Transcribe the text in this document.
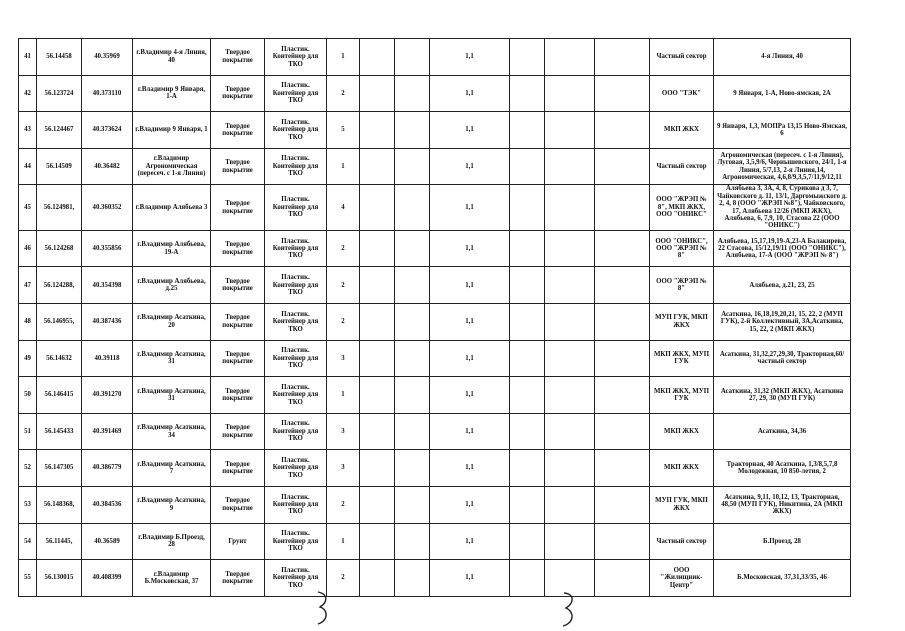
41	56.14458	40.35969	г.Владимир 4-я Линия, 40	Твердое покрытие	Пластик. Контейнер для ТКО	1			1,1				Частный сектор	4-я Линия, 40
42	56.123724	40.373110	г.Владимир 9 Января, 1-А	Твердое покрытие	Пластик. Контейнер для ТКО	2			1,1				ООО "ТЭК"	9 Января, 1-А, Ново-ямская, 2А
43	56.124467	40.373624	г.Владимир 9 Января, 1	Твердое покрытие	Пластик. Контейнер для ТКО	5			1,1				МКП ЖКХ	9 Января, 1,3, МОПРа 13,15 Ново-Ямская, 6
44	56.14509	40.36482	г.Владимир Агрономическая (пересеч. с 1-я Линия)	Твердое покрытие	Пластик. Контейнер для ТКО	1			1,1				Частный сектор	Агрономическая (пересеч. с 1-я Линия), Луговая, 3,5,9/6, Чернышевского, 24/1, 1-я Линия, 5/7,13, 2-я Линия,14, Агрономическая, 4,6,8/9,3,5,7/11,9/12,11
45	56.124981,	40.360352	г.Владимир Алябьева 3	Твердое покрытие	Пластик. Контейнер для ТКО	4			1,1				ООО "ЖРЭП № 8", МКП ЖКХ, ООО "ОНИКС"	Алябьева 3, 3А, 4, 8, Сурикова д 3, 7, Чайковского д. 11, 13/1, Даргомыжского д. 2, 4, 8 (ООО "ЖРЭП №8"), Чайковского, 17, Алябьева 12/26 (МКП ЖКХ), Алябьева, 6, 7,9, 10, Стасова 22 (ООО "ОНИКС")
46	56.124268	40.355856	г.Владимир Алябьева, 19-А	Твердое покрытие	Пластик. Контейнер для ТКО	2			1,1				ООО "ОНИКС", ООО "ЖРЭП № 8"	Алябьева, 15,17,19,19-А,23-А Балакирева, 22 Стасова, 15/12,19/11 (ООО "ОНИКС"), Алябьева, 17-А (ООО "ЖРЭП № 8")
47	56.124288,	40.354398	г.Владимир Алябьева, д.25	Твердое покрытие	Пластик. Контейнер для ТКО	2			1,1				ООО "ЖРЭП № 8"	Алябьева, д.21, 23, 25
48	56.146955,	40.387436	г.Владимир Асаткина, 20	Твердое покрытие	Пластик. Контейнер для ТКО	2			1,1				МУП ГУК, МКП ЖКХ	Асаткина, 16,18,19,20,21, 15, 22, 2 (МУП ГУК), 2-й Коллективный, 3А,Асаткина, 15, 22, 2 (МКП ЖКХ)
49	56.14632	40.39118	г.Владимир Асаткина, 31	Твердое покрытие	Пластик. Контейнер для ТКО	3			1,1				МКП ЖКХ, МУП ГУК	Асаткина, 31,32,27,29,30, Тракторная,60/ частный сектор
50	56.146415	40.391270	г.Владимир Асаткина, 31	Твердое покрытие	Пластик. Контейнер для ТКО	1			1,1				МКП ЖКХ, МУП ГУК	Асаткина, 31,32 (МКП ЖКХ), Асаткина 27, 29, 30 (МУП ГУК)
51	56.145433	40.391469	г.Владимир Асаткина, 34	Твердое покрытие	Пластик. Контейнер для ТКО	3			1,1				МКП ЖКХ	Асаткина, 34,36
52	56.147305	40.386779	г.Владимир Асаткина, 7	Твердое покрытие	Пластик. Контейнер для ТКО	3			1,1				МКП ЖКХ	Тракторная, 40 Асаткина, 1,3/8,5,7,8 Молодежная, 10 850-летия, 2
53	56.148368,	40.384536	г.Владимир Асаткина, 9	Твердое покрытие	Пластик. Контейнер для ТКО	2			1,1				МУП ГУК, МКП ЖКХ	Асаткина, 9,11, 10,12, 13, Тракторная, 48,50 (МУП ГУК), Никитина, 2А (МКП ЖКХ)
54	56.11445,	40.36589	г.Владимир Б.Проезд, 28	Грунт	Пластик. Контейнер для ТКО	1			1,1				Частный сектор	Б.Проезд, 28
55	56.130015	40.408399	г.Владимир Б.Московская, 37	Твердое покрытие	Пластик. Контейнер для ТКО	2			1,1				ООО "Жилищник-Центр"	Б.Московская, 37,31,33/35, 46
